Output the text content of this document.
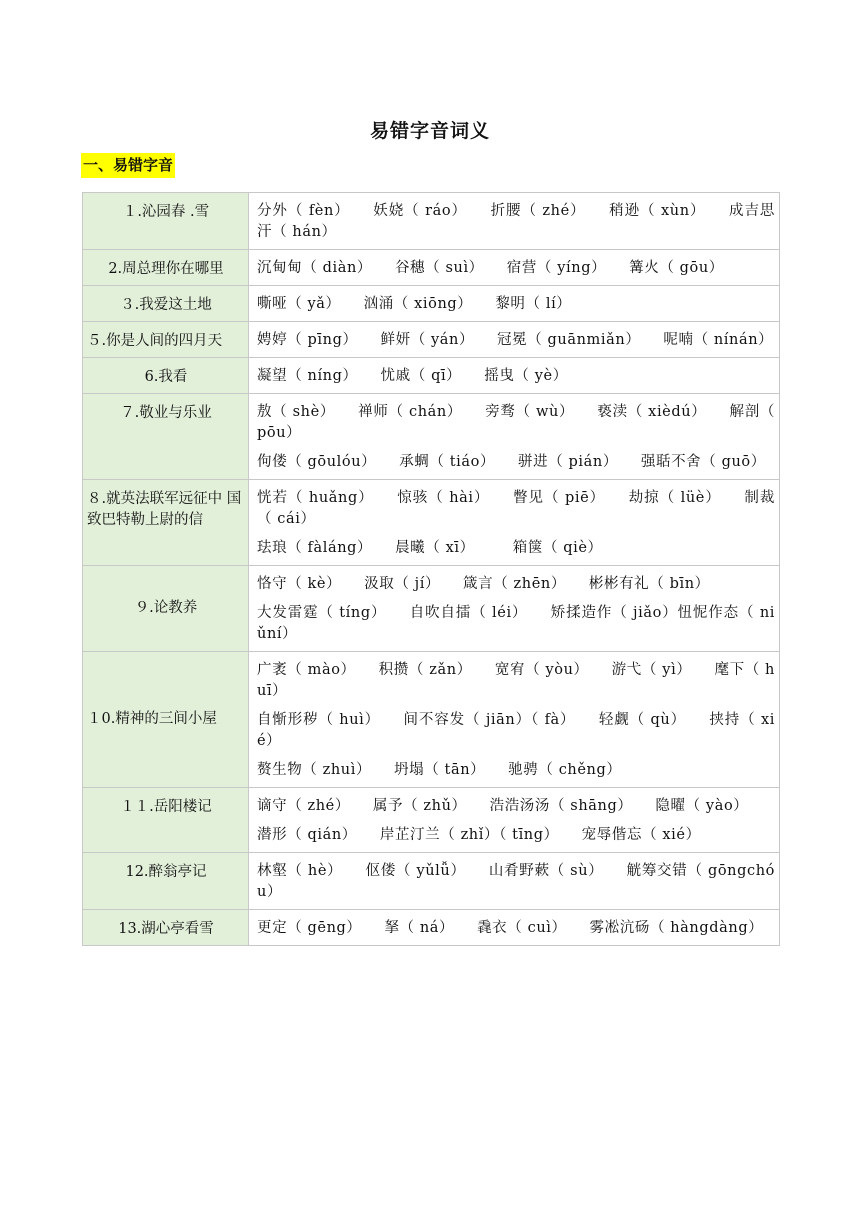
易错字音词义
一、易错字音
１.沁园春 .雪	分外（ fèn）　　妖娆（ ráo）　　折腰（ zhé）　　稍逊（ xùn）　　成吉思汗（ hán）

2.周总理你在哪里	沉甸甸（ diàn）　　谷穗（ suì）　　宿营（ yíng）　　篝火（ gōu）

３.我爱这土地	嘶哑（ yǎ）　　汹涌（ xiōng）　　黎明（ lí）

５.你是人间的四月天	娉婷（ pīng）　　鲜妍（ yán）　　冠冕（ guānmiǎn）　　呢喃（ nínán）

6.我看	凝望（ níng）　　忧戚（ qī）　　摇曳（ yè）

７.敬业与乐业	敖（ shè）　　禅师（ chán）　　旁骛（ wù）　　亵渎（ xièdú）　　解剖（ pōu）
佝偻（ gōulóu）　　承蜩（ tiáo）　　骈进（ pián）　　强聒不舍（ guō）

８.就英法联军远征中 国致巴特勒上尉的信	恍若（ huǎng）　　惊骇（ hài）　　瞥见（ piē）　　劫掠（ lüè）　　制裁（ cái）
珐琅（ fàláng）　　晨曦（ xī）　　　箱箧（ qiè）

９.论教养	恪守（ kè）　　汲取（ jí）　　箴言（ zhēn）　　彬彬有礼（ bīn）
大发雷霆（ tíng）　　自吹自擂（ léi）　　矫揉造作（ jiǎo）忸怩作态（ niǔní）

１0.精神的三间小屋	广袤（ mào）　　积攒（ zǎn）　　宽宥（ yòu）　　游弋（ yì）　　麾下（ huī）
自惭形秽（ huì）　　间不容发（ jiān）（ fà）　　轻觑（ qù）　　挟持（ xié）
赘生物（ zhuì）　　坍塌（ tān）　　驰骋（ chěng）

１１.岳阳楼记	谪守（ zhé）　　属予（ zhǔ）　　浩浩汤汤（ shāng）　　隐曜（ yào）
潜形（ qián）　　岸芷汀兰（ zhǐ）（ tīng）　　宠辱偕忘（ xié）

12.醉翁亭记	林壑（ hè）　　伛偻（ yǔlǚ）　　山肴野蔌（ sù）　　觥筹交错（ gōngchóu）

13.湖心亭看雪	更定（ gēng）　　拏（ ná）　　毳衣（ cuì）　　雾凇沆砀（ hàngdàng）
